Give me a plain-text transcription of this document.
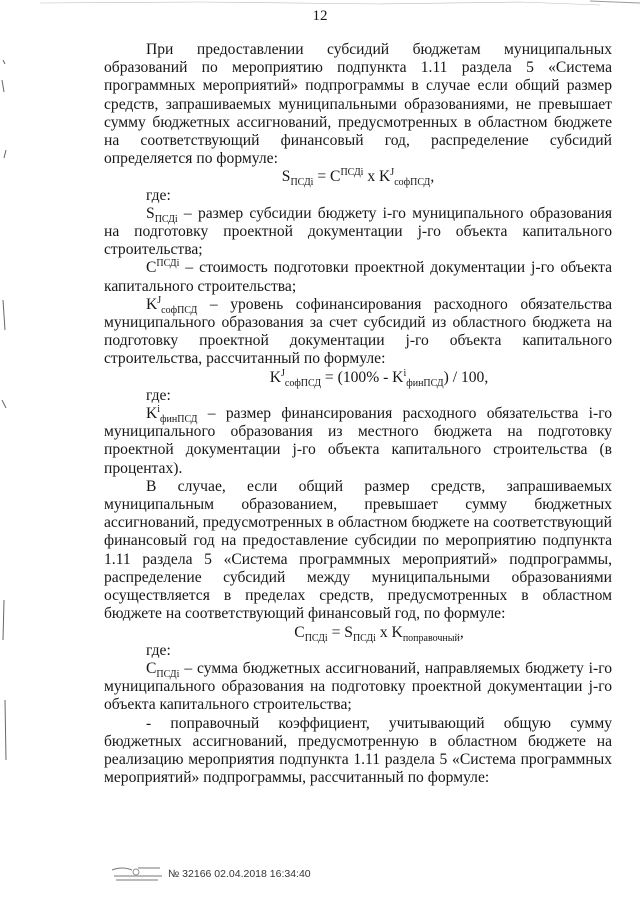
12

При предоставлении субсидий бюджетам муниципальных образований по мероприятию подпункта 1.11 раздела 5 «Система программных мероприятий» подпрограммы в случае если общий размер средств, запрашиваемых муниципальными образованиями, не превышает сумму бюджетных ассигнований, предусмотренных в областном бюджете на соответствующий финансовый год, распределение субсидий определяется по формуле:

$S_{ПСДi} = C^{ПСДi}$ x $K^J_{софПСД}$,

где:

$S_{ПСДi}$ – размер субсидии бюджету i-го муниципального образования на подготовку проектной документации j-го объекта капитального строительства;

$C^{ПСДi}$ – стоимость подготовки проектной документации j-го объекта капитального строительства;

$K^J_{софПСД}$ – уровень софинансирования расходного обязательства муниципального образования за счет субсидий из областного бюджета на подготовку проектной документации j-го объекта капитального строительства, рассчитанный по формуле:

$K^J_{софПСД} = (100\% - K^i_{финПСД}) / 100$,

где:

$K^i_{финПСД}$ – размер финансирования расходного обязательства i-го муниципального образования из местного бюджета на подготовку проектной документации j-го объекта капитального строительства (в процентах).

В случае, если общий размер средств, запрашиваемых муниципальным образованием, превышает сумму бюджетных ассигнований, предусмотренных в областном бюджете на соответствующий финансовый год на предоставление субсидии по мероприятию подпункта 1.11 раздела 5 «Система программных мероприятий» подпрограммы, распределение субсидий между муниципальными образованиями осуществляется в пределах средств, предусмотренных в областном бюджете на соответствующий финансовый год, по формуле:

$C_{ПСДi} = S_{ПСДi}$ x $K_{поправочный}$,

где:

$C_{ПСДi}$ – сумма бюджетных ассигнований, направляемых бюджету i-го муниципального образования на подготовку проектной документации j-го объекта капитального строительства;

- поправочный коэффициент, учитывающий общую сумму бюджетных ассигнований, предусмотренную в областном бюджете на реализацию мероприятия подпункта 1.11 раздела 5 «Система программных мероприятий» подпрограммы, рассчитанный по формуле:

№ 32166 02.04.2018 16:34:40
